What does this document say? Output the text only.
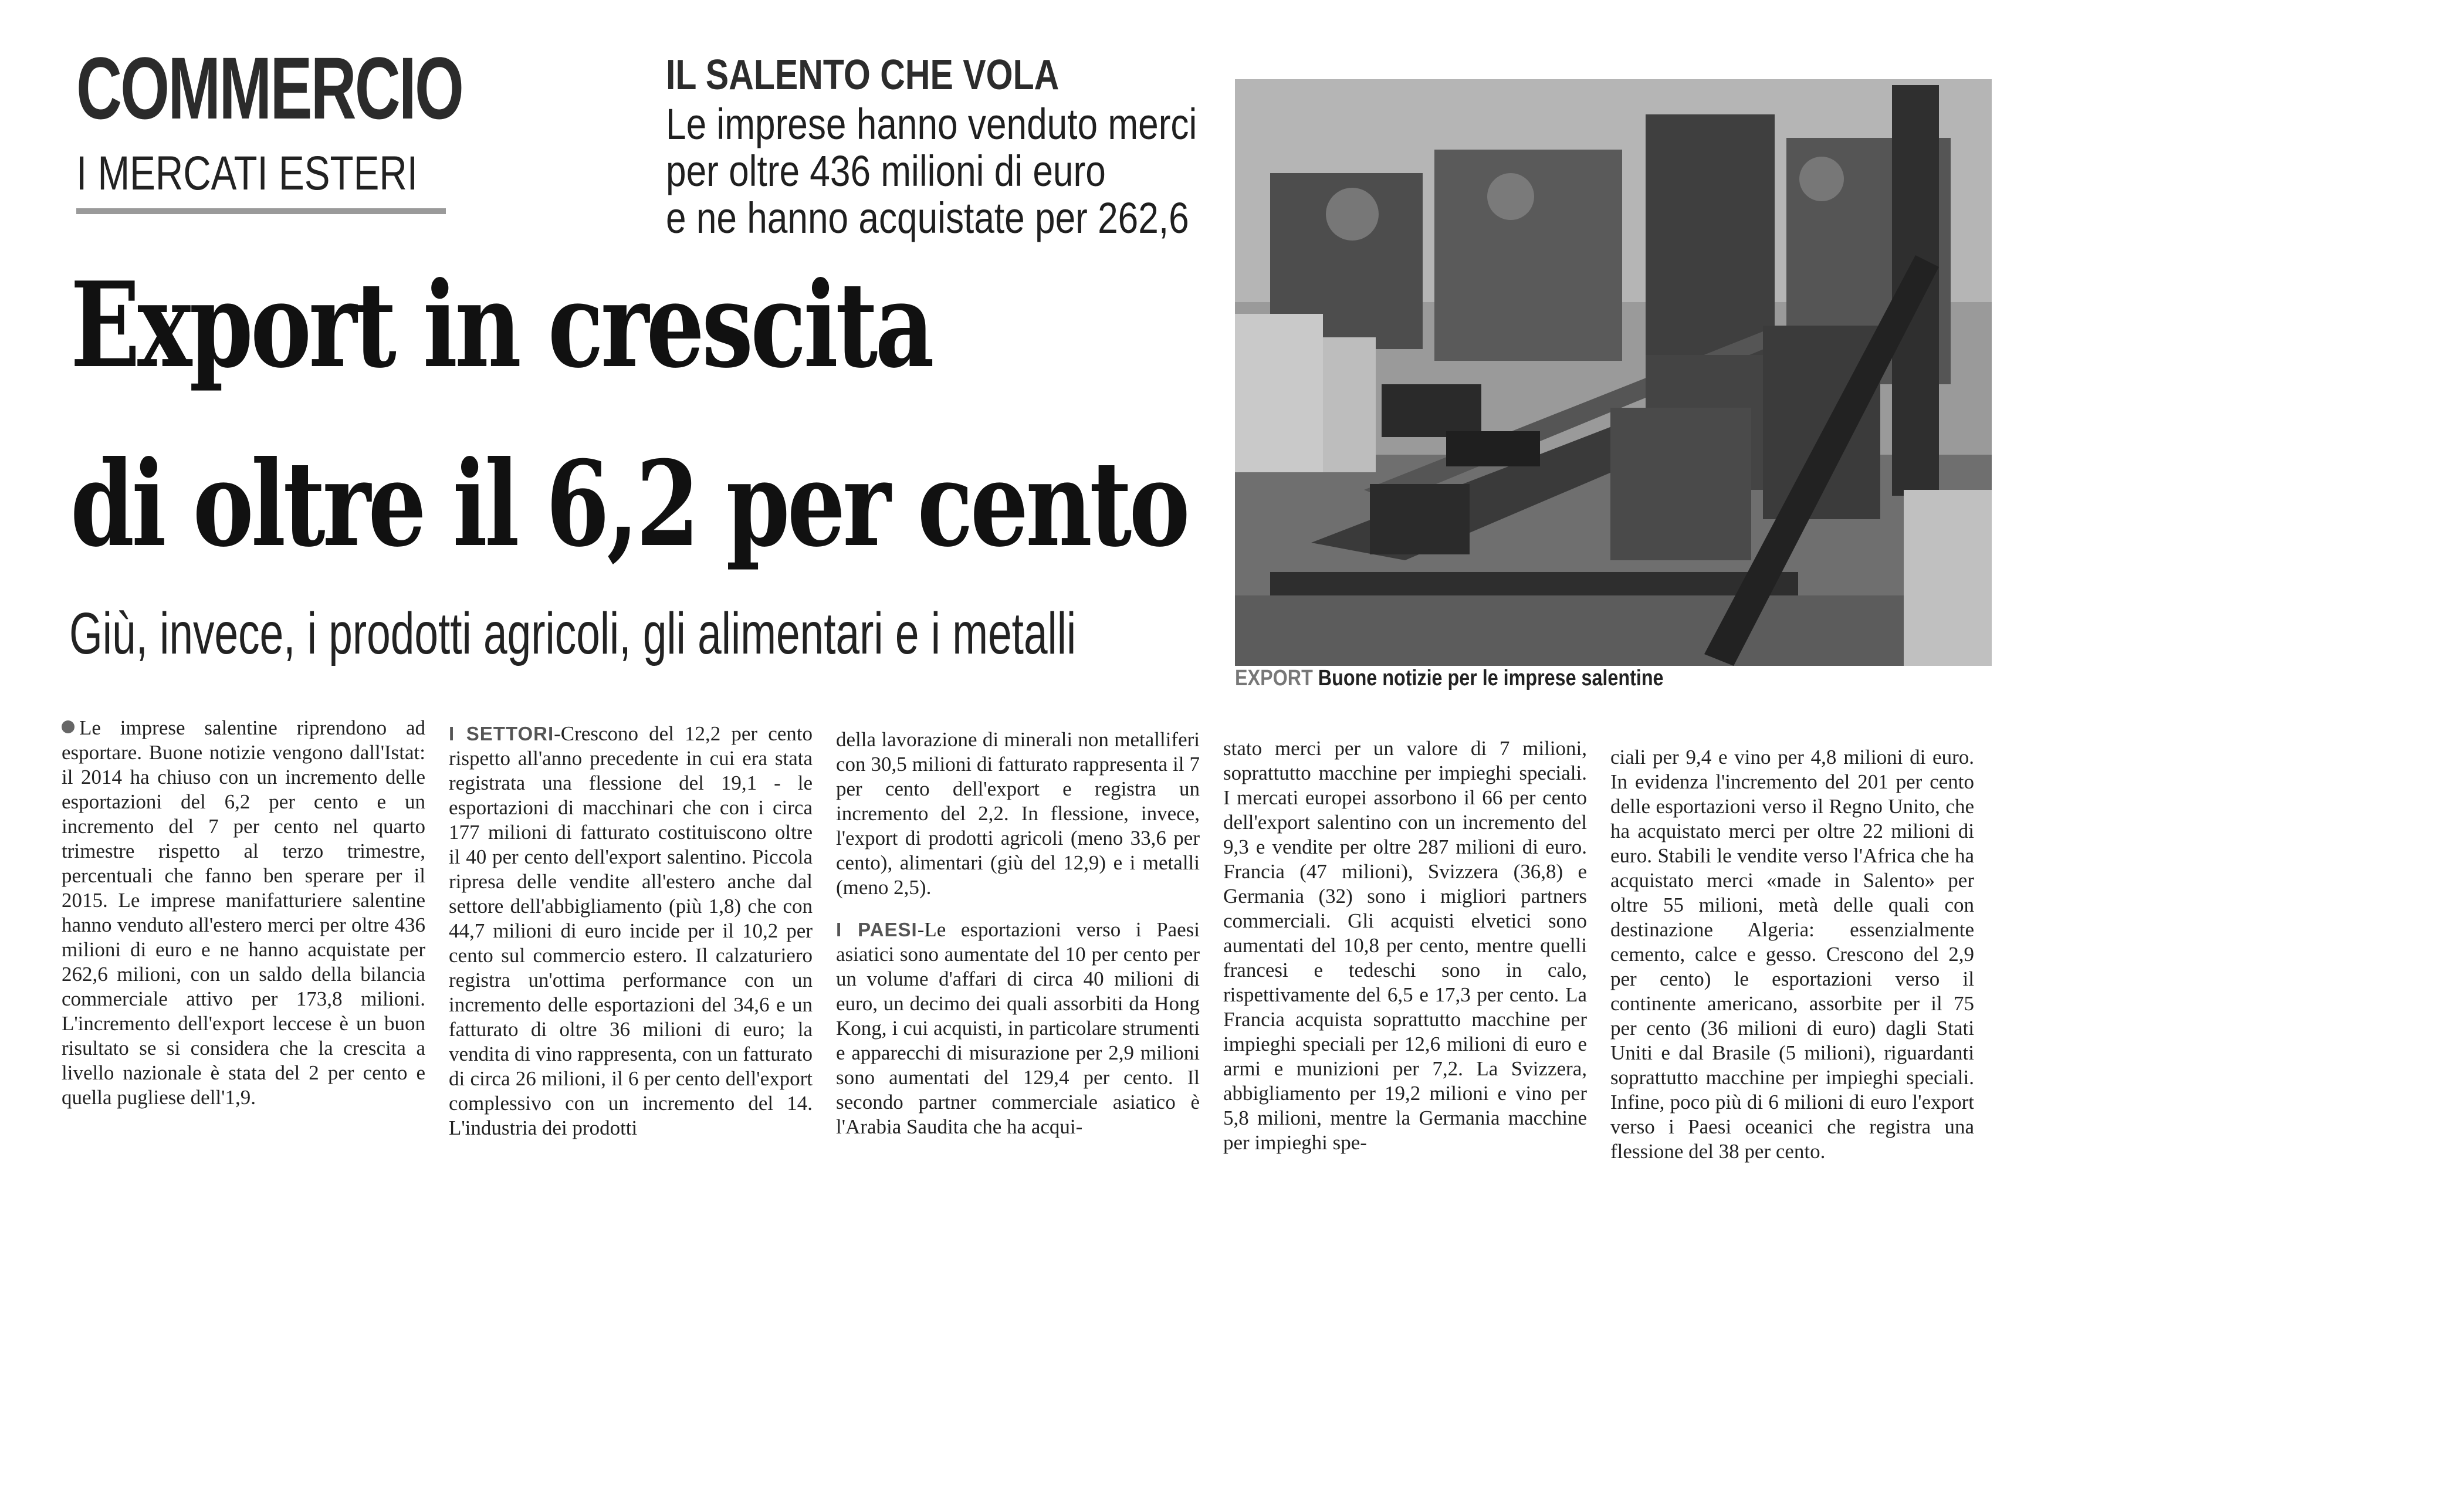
COMMERCIO
I MERCATI ESTERI
IL SALENTO CHE VOLA
Le imprese hanno venduto merci
per oltre 436 milioni di euro
e ne hanno acquistate per 262,6
Export in crescita
di oltre il 6,2 per cento
Giù, invece, i prodotti agricoli, gli alimentari e i metalli
EXPORT Buone notizie per le imprese salentine

Le imprese salentine riprendono ad esportare. Buone notizie vengono dall'Istat: il 2014 ha chiuso con un incremento delle esportazioni del 6,2 per cento e un incremento del 7 per cento nel quarto trimestre rispetto al terzo trimestre, percentuali che fanno ben sperare per il 2015. Le imprese manifatturiere salentine hanno venduto all'estero merci per oltre 436 milioni di euro e ne hanno acquistate per 262,6 milioni, con un saldo della bilancia commerciale attivo per 173,8 milioni. L'incremento dell'export leccese è un buon risultato se si considera che la crescita a livello nazionale è stata del 2 per cento e quella pugliese dell'1,9.

I SETTORI-Crescono del 12,2 per cento rispetto all'anno precedente in cui era stata registrata una flessione del 19,1 - le esportazioni di macchinari che con i circa 177 milioni di fatturato costituiscono oltre il 40 per cento dell'export salentino. Piccola ripresa delle vendite all'estero anche dal settore dell'abbigliamento (più 1,8) che con 44,7 milioni di euro incide per il 10,2 per cento sul commercio estero. Il calzaturiero registra un'ottima performance con un incremento delle esportazioni del 34,6 e un fatturato di oltre 36 milioni di euro; la vendita di vino rappresenta, con un fatturato di circa 26 milioni, il 6 per cento dell'export complessivo con un incremento del 14. L'industria dei prodotti

della lavorazione di minerali non metalliferi con 30,5 milioni di fatturato rappresenta il 7 per cento dell'export e registra un incremento del 2,2. In flessione, invece, l'export di prodotti agricoli (meno 33,6 per cento), alimentari (giù del 12,9) e i metalli (meno 2,5).

I PAESI-Le esportazioni verso i Paesi asiatici sono aumentate del 10 per cento per un volume d'affari di circa 40 milioni di euro, un decimo dei quali assorbiti da Hong Kong, i cui acquisti, in particolare strumenti e apparecchi di misurazione per 2,9 milioni sono aumentati del 129,4 per cento. Il secondo partner commerciale asiatico è l'Arabia Saudita che ha acqui-

stato merci per un valore di 7 milioni, soprattutto macchine per impieghi speciali. I mercati europei assorbono il 66 per cento dell'export salentino con un incremento del 9,3 e vendite per oltre 287 milioni di euro. Francia (47 milioni), Svizzera (36,8) e Germania (32) sono i migliori partners commerciali. Gli acquisti elvetici sono aumentati del 10,8 per cento, mentre quelli francesi e tedeschi sono in calo, rispettivamente del 6,5 e 17,3 per cento. La Francia acquista soprattutto macchine per impieghi speciali per 12,6 milioni di euro e armi e munizioni per 7,2. La Svizzera, abbigliamento per 19,2 milioni e vino per 5,8 milioni, mentre la Germania macchine per impieghi spe-

ciali per 9,4 e vino per 4,8 milioni di euro. In evidenza l'incremento del 201 per cento delle esportazioni verso il Regno Unito, che ha acquistato merci per oltre 22 milioni di euro. Stabili le vendite verso l'Africa che ha acquistato merci «made in Salento» per oltre 55 milioni, metà delle quali con destinazione Algeria: essenzialmente cemento, calce e gesso. Crescono del 2,9 per cento) le esportazioni verso il continente americano, assorbite per il 75 per cento (36 milioni di euro) dagli Stati Uniti e dal Brasile (5 milioni), riguardanti soprattutto macchine per impieghi speciali. Infine, poco più di 6 milioni di euro l'export verso i Paesi oceanici che registra una flessione del 38 per cento.
